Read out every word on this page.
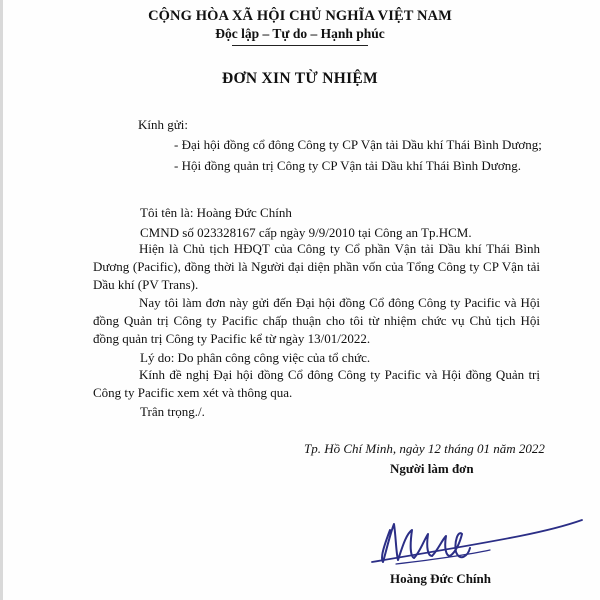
CỘNG HÒA XÃ HỘI CHỦ NGHĨA VIỆT NAM
Độc lập – Tự do – Hạnh phúc
ĐƠN XIN TỪ NHIỆM
Kính gửi:
- Đại hội đồng cổ đông Công ty CP Vận tải Dầu khí Thái Bình Dương;
- Hội đồng quản trị Công ty CP Vận tải Dầu khí Thái Bình Dương.
Tôi tên là: Hoàng Đức Chính
CMND số 023328167 cấp ngày 9/9/2010 tại Công an Tp.HCM.
Hiện là Chủ tịch HĐQT của Công ty Cổ phần Vận tải Dầu khí Thái Bình Dương (Pacific), đồng thời là Người đại diện phần vốn của Tổng Công ty CP Vận tải Dầu khí (PV Trans).
Nay tôi làm đơn này gửi đến Đại hội đồng Cổ đông Công ty Pacific và Hội đồng Quản trị Công ty Pacific chấp thuận cho tôi từ nhiệm chức vụ Chủ tịch Hội đồng quản trị Công ty Pacific kể từ ngày 13/01/2022.
Lý do: Do phân công công việc của tổ chức.
Kính đề nghị Đại hội đồng Cổ đông Công ty Pacific và Hội đồng Quản trị Công ty Pacific xem xét và thông qua.
Trân trọng./.
Tp. Hồ Chí Minh, ngày 12 tháng 01 năm 2022
Người làm đơn
Hoàng Đức Chính
